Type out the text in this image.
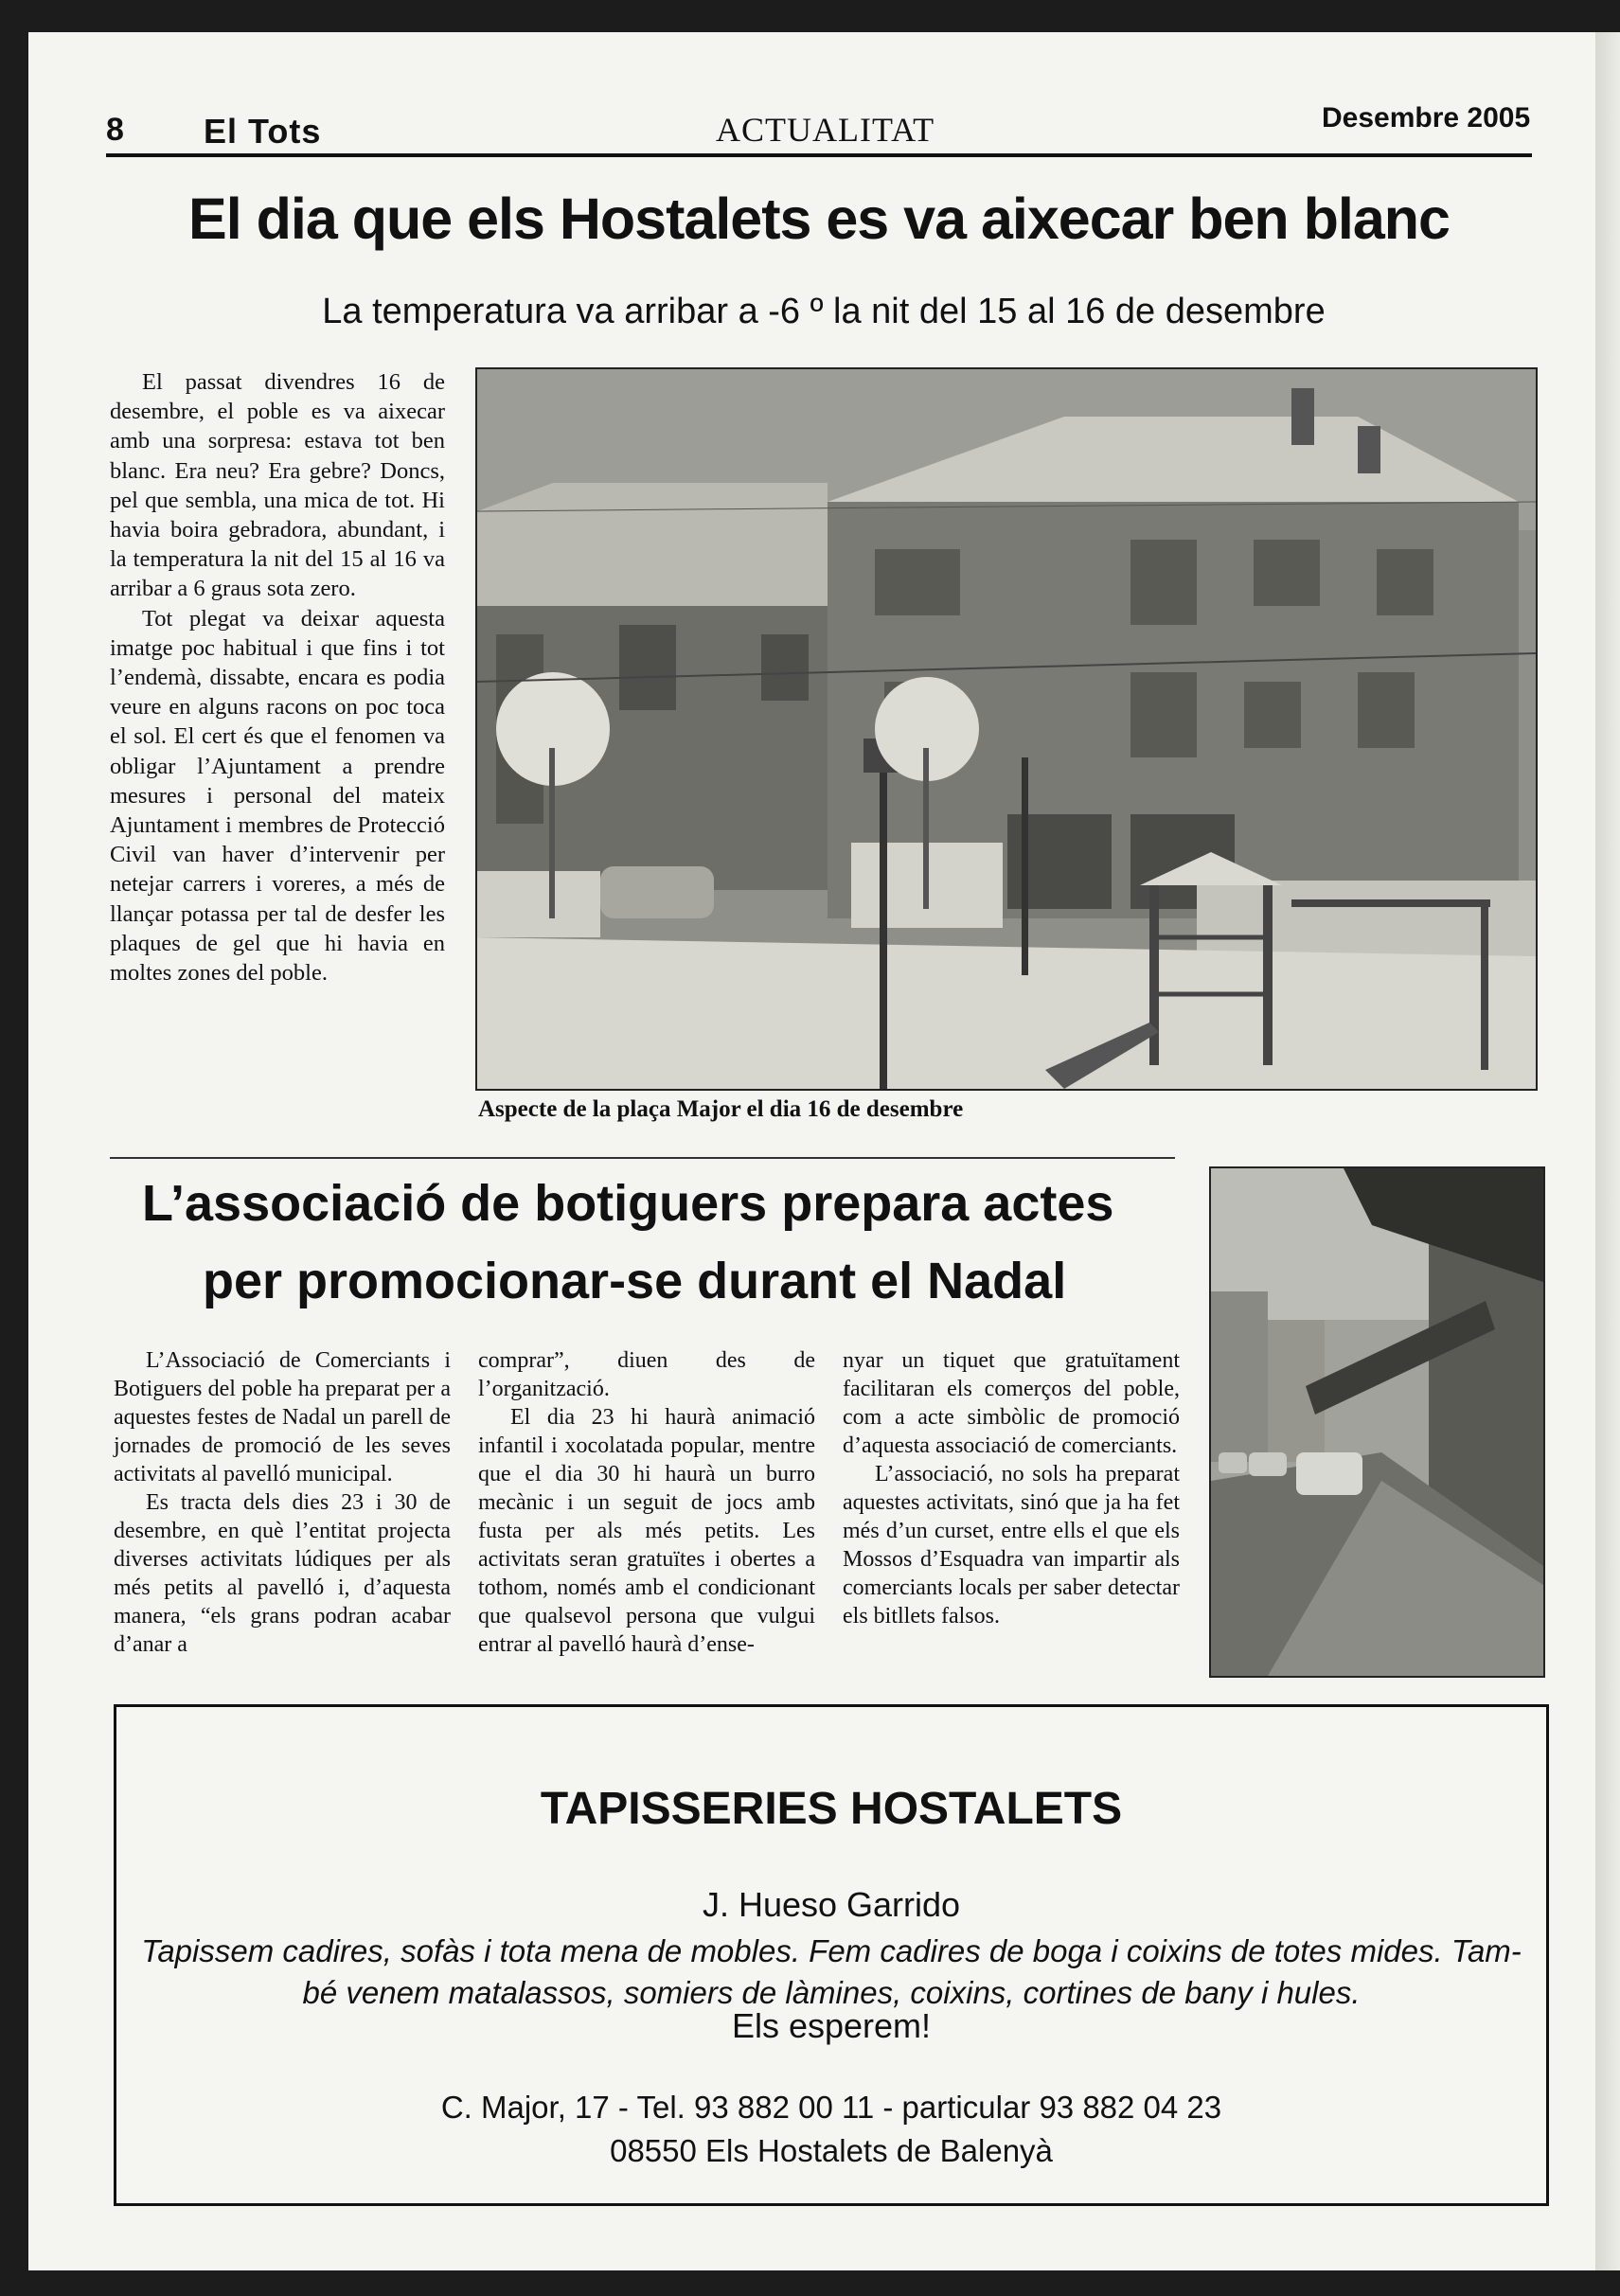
8 El Tots	ACTUALITAT	Desembre 2005
El dia que els Hostalets es va aixecar ben blanc
La temperatura va arribar a -6 º la nit del 15 al 16 de desembre

El passat divendres 16 de desembre, el poble es va aixecar amb una sorpresa: estava tot ben blanc. Era neu? Era gebre? Doncs, pel que sembla, una mica de tot. Hi havia boira gebradora, abundant, i la temperatura la nit del 15 al 16 va arribar a 6 graus sota zero.

Tot plegat va deixar aquesta imatge poc habitual i que fins i tot l’endemà, dissabte, encara es podia veure en alguns racons on poc toca el sol. El cert és que el fenomen va obligar l’Ajuntament a prendre mesures i personal del mateix Ajuntament i membres de Protecció Civil van haver d’intervenir per netejar carrers i voreres, a més de llançar potassa per tal de desfer les plaques de gel que hi havia en moltes zones del poble.

Aspecte de la plaça Major el dia 16 de desembre
L’associació de botiguers prepara actes
per promocionar-se durant el Nadal

L’Associació de Comerciants i Botiguers del poble ha preparat per a aquestes festes de Nadal un parell de jornades de promoció de les seves activitats al pavelló municipal.

Es tracta dels dies 23 i 30 de desembre, en què l’entitat projecta diverses activitats lúdiques per als més petits al pavelló i, d’aquesta manera, “els grans podran acabar d’anar a

comprar”, diuen des de l’organització.

El dia 23 hi haurà animació infantil i xocolatada popular, mentre que el dia 30 hi haurà un burro mecànic i un seguit de jocs amb fusta per als més petits. Les activitats seran gratuïtes i obertes a tothom, només amb el condicionant que qualsevol persona que vulgui entrar al pavelló haurà d’ense-

nyar un tiquet que gratuïtament facilitaran els comerços del poble, com a acte simbòlic de promoció d’aquesta associació de comerciants.

L’associació, no sols ha preparat aquestes activitats, sinó que ja ha fet més d’un curset, entre ells el que els Mossos d’Esquadra van impartir als comerciants locals per saber detectar els bitllets falsos.

TAPISSERIES HOSTALETS
J. Hueso Garrido
Tapissem cadires, sofàs i tota mena de mobles. Fem cadires de boga i coixins de totes mides. Tam-
bé venem matalassos, somiers de làmines, coixins, cortines de bany i hules.
Els esperem!
C. Major, 17 - Tel. 93 882 00 11 - particular 93 882 04 23
08550 Els Hostalets de Balenyà
